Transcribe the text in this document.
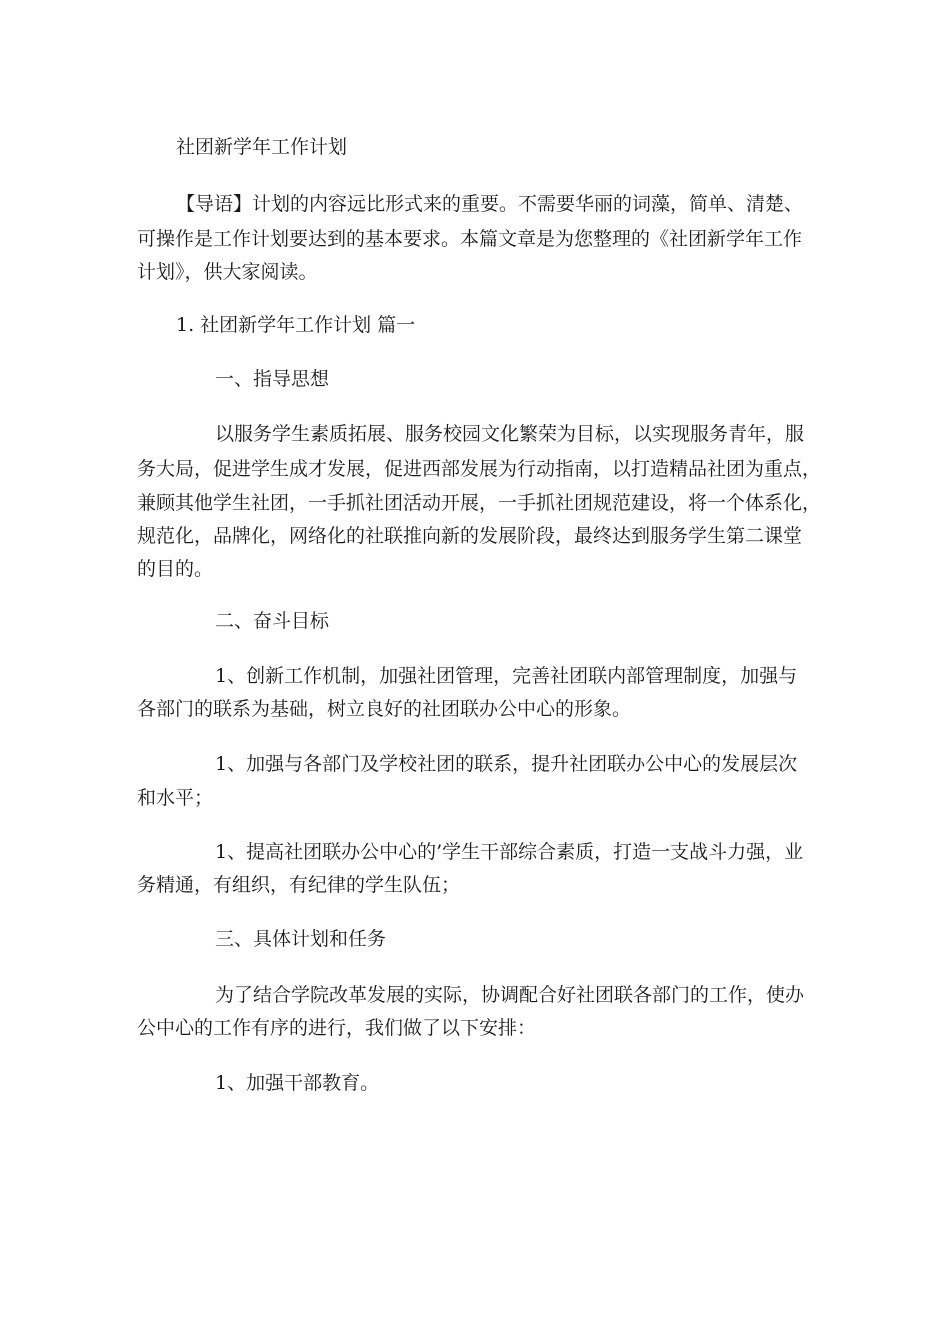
社团新学年工作计划
【导语】计划的内容远比形式来的重要。不需要华丽的词藻，简单、清楚、
可操作是工作计划要达到的基本要求。本篇文章是为您整理的《社团新学年工作
计划》，供大家阅读。
1. 社团新学年工作计划 篇一
一、指导思想
以服务学生素质拓展、服务校园文化繁荣为目标，以实现服务青年，服
务大局，促进学生成才发展，促进西部发展为行动指南，以打造精品社团为重点，
兼顾其他学生社团，一手抓社团活动开展，一手抓社团规范建设，将一个体系化，
规范化，品牌化，网络化的社联推向新的发展阶段，最终达到服务学生第二课堂
的目的。
二、奋斗目标
1、创新工作机制，加强社团管理，完善社团联内部管理制度，加强与
各部门的联系为基础，树立良好的社团联办公中心的形象。
1、加强与各部门及学校社团的联系，提升社团联办公中心的发展层次
和水平；
1、提高社团联办公中心的’学生干部综合素质，打造一支战斗力强，业
务精通，有组织，有纪律的学生队伍；
三、具体计划和任务
为了结合学院改革发展的实际，协调配合好社团联各部门的工作，使办
公中心的工作有序的进行，我们做了以下安排：
1、加强干部教育。
